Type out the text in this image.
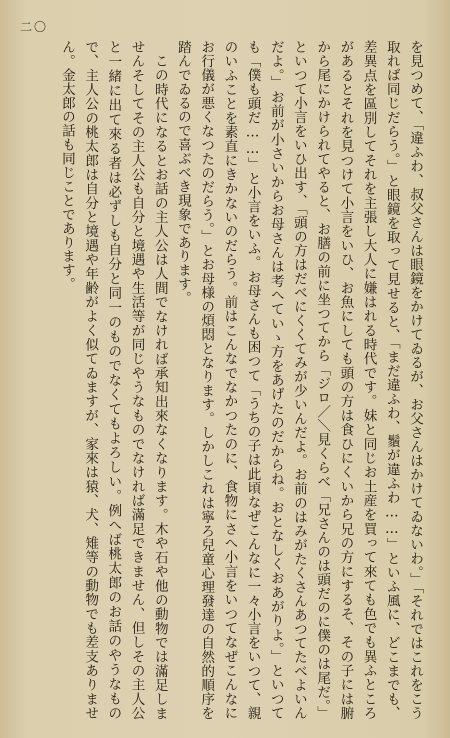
二〇

を見つめて、「違ふわ、叔父さんは眼鏡をかけてゐるが、お父さんはかけてゐないわ。」「それではこれをこう取れば同じだらう。」と眼鏡を取って見せると、「まだ違ふわ、鬚が違ふわ……」といふ風に、どこまでも、差異点を區別してそれを主張し大人に嫌はれる時代です。妹と同じお土産を買って來ても色でも異ふところがあるとそれを見つけて小言をいひ、お魚にしても頭の方は食ひにくいから兄の方にするそ、その子には腑から尾にかけられてやると、お膳の前に坐つてから「ジロ／＼見くらべ「兄さんのは頭だのに僕のは尾だ。」といつて小言をいひ出す、「頭の方はだべにくくてみが少いんだよ。お前のはみがたくさんあつてたべよいんだよ。」お前が小さいからお母さんは考へていゝ方をあげたのだからね。おとなしくおあがりよ。」といつても「僕も頭だ……」と小言をいふ。お母さんも困つて「うちの子は此頃なぜこんなに一々小言をいつて、親のいふことを素直にきかないのだらう。前はこんなでなかつたのに、食物にさへ小言をいつてなぜこんなにお行儀が悪くなつたのだらう。」とお母様の煩悶となります。しかしこれは寧ろ兒童心理發達の自然的順序を踏んでゐるので喜ぶべき現象であります。

この時代になるとお話の主人公は人間でなければ承知出來なくなります。木や石や他の動物では滿足しませんそしてその主人公も自分と境遇や生活等が同じやうなものでなければ滿足できません、但しその主人公と一緒に出て來る者は必ずしも自分と同一のものでなくてもよろしい。例へば桃太郎のお話のやうなもので、主人公の桃太郎は自分と境遇や年齢がよく似てゐますが、家來は猿、犬、雉等の動物でも差支ありません。金太郎の話も同じことであります。
